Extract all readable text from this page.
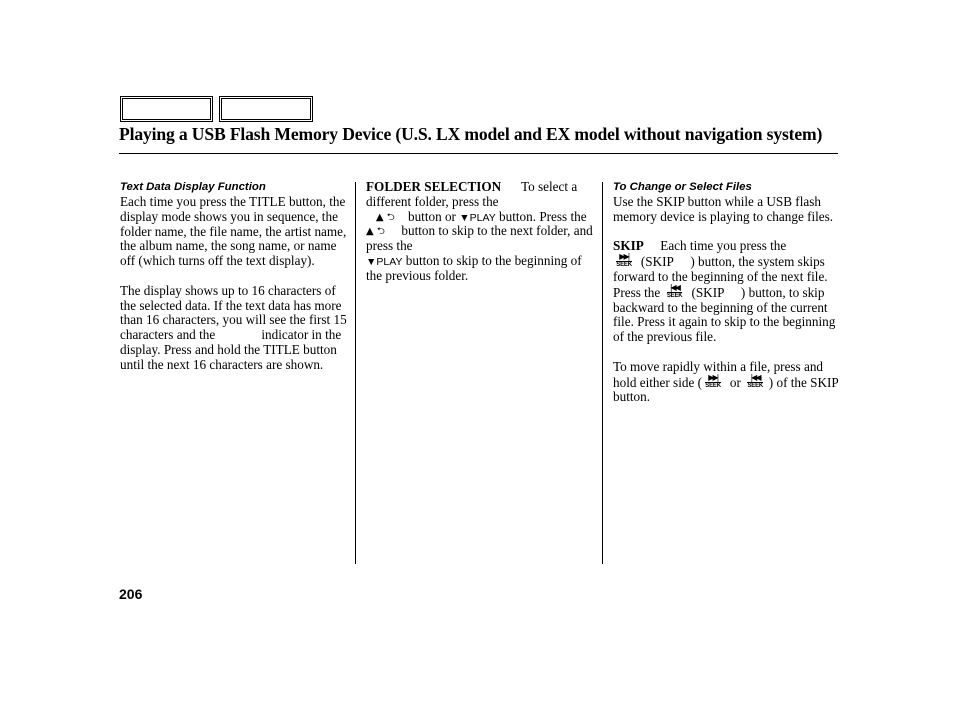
Playing a USB Flash Memory Device (U.S. LX model and EX model without navigation system)
Text Data Display Function

Each time you press the TITLE button, the display mode shows you in sequence, the folder name, the file name, the artist name, the album name, the song name, or name off (which turns off the text display).

The display shows up to 16 characters of the selected data. If the text data has more than 16 characters, you will see the first 15 characters and the	indicator in the display. Press and hold the TITLE button until the next 16 characters are shown.

FOLDER SELECTION To select a different folder, press the
▲ ⮌ button or ▼PLAY button. Press the  ▲ ⮌ button to skip to the next folder, and press the
▼PLAY button to skip to the beginning of the previous folder.

To Change or Select Files

Use the SKIP button while a USB flash memory device is playing to change files.

SKIP Each time you press the

▶▶|
SEEK (SKIP ) button, the system skips forward to the beginning of the next file. Press the |◀◀
SEEK (SKIP ) button, to skip backward to the beginning of the current file. Press it again to skip to the beginning of the previous file.

To move rapidly within a file, press and hold either side ( ▶▶|
SEEK or |◀◀
SEEK ) of the SKIP button.

206
